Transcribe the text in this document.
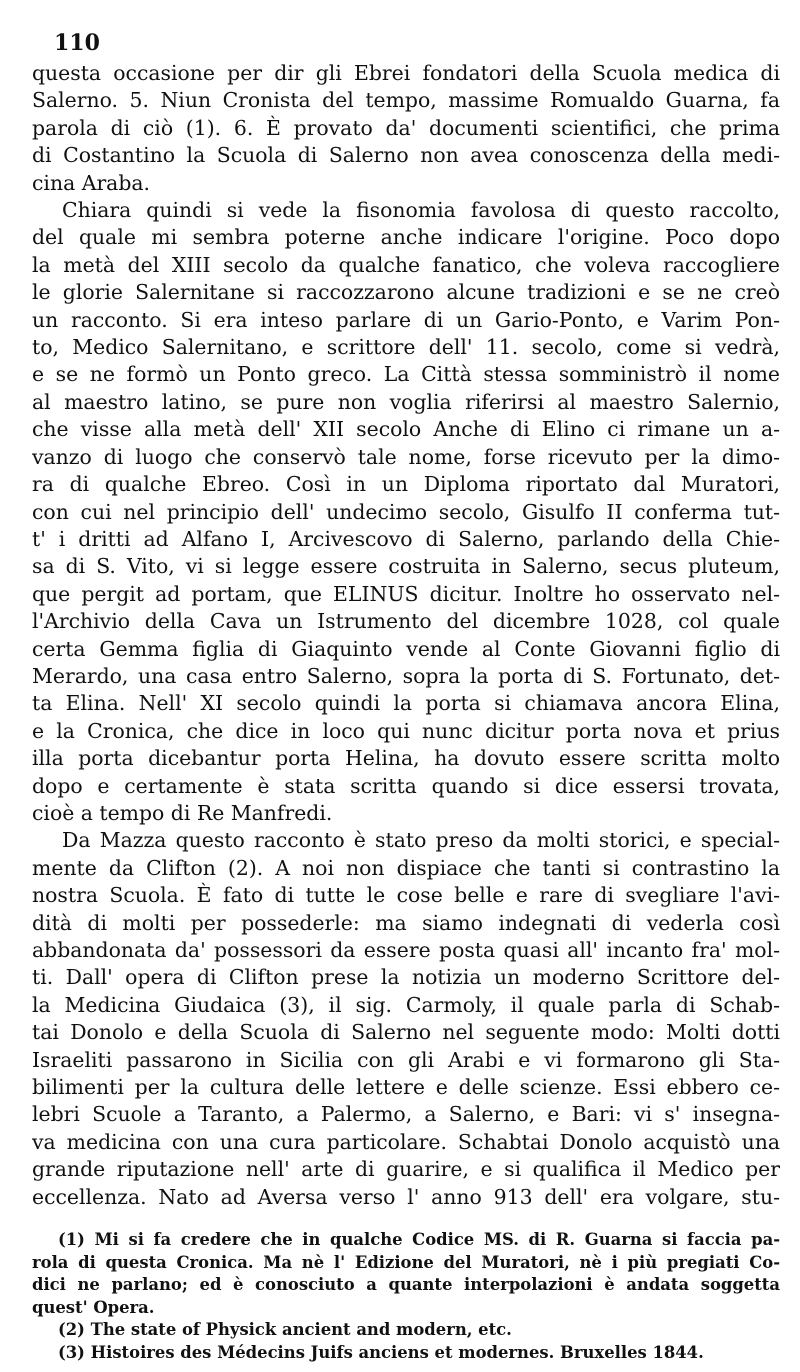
110
questa occasione per dir gli Ebrei fondatori della Scuola medica di
Salerno. 5. Niun Cronista del tempo, massime Romualdo Guarna, fa
parola di ciò (1). 6. È provato da' documenti scientifici, che prima
di Costantino la Scuola di Salerno non avea conoscenza della medi-
cina Araba.
Chiara quindi si vede la fisonomia favolosa di questo raccolto,
del quale mi sembra poterne anche indicare l'origine. Poco dopo
la metà del XIII secolo da qualche fanatico, che voleva raccogliere
le glorie Salernitane si raccozzarono alcune tradizioni e se ne creò
un racconto. Si era inteso parlare di un Gario-Ponto, e Varim Pon-
to, Medico Salernitano, e scrittore dell' 11. secolo, come si vedrà,
e se ne formò un Ponto greco. La Città stessa somministrò il nome
al maestro latino, se pure non voglia riferirsi al maestro Salernio,
che visse alla metà dell' XII secolo Anche di Elino ci rimane un a-
vanzo di luogo che conservò tale nome, forse ricevuto per la dimo-
ra di qualche Ebreo. Così in un Diploma riportato dal Muratori,
con cui nel principio dell' undecimo secolo, Gisulfo II conferma tut-
t' i dritti ad Alfano I, Arcivescovo di Salerno, parlando della Chie-
sa di S. Vito, vi si legge essere costruita in Salerno, secus pluteum,
que pergit ad portam, que ELINUS dicitur. Inoltre ho osservato nel-
l'Archivio della Cava un Istrumento del dicembre 1028, col quale
certa Gemma figlia di Giaquinto vende al Conte Giovanni figlio di
Merardo, una casa entro Salerno, sopra la porta di S. Fortunato, det-
ta Elina. Nell' XI secolo quindi la porta si chiamava ancora Elina,
e la Cronica, che dice in loco qui nunc dicitur porta nova et prius
illa porta dicebantur porta Helina, ha dovuto essere scritta molto
dopo e certamente è stata scritta quando si dice essersi trovata,
cioè a tempo di Re Manfredi.
Da Mazza questo racconto è stato preso da molti storici, e special-
mente da Clifton (2). A noi non dispiace che tanti si contrastino la
nostra Scuola. È fato di tutte le cose belle e rare di svegliare l'avi-
dità di molti per possederle: ma siamo indegnati di vederla così
abbandonata da' possessori da essere posta quasi all' incanto fra' mol-
ti. Dall' opera di Clifton prese la notizia un moderno Scrittore del-
la Medicina Giudaica (3), il sig. Carmoly, il quale parla di Schab-
tai Donolo e della Scuola di Salerno nel seguente modo: Molti dotti
Israeliti passarono in Sicilia con gli Arabi e vi formarono gli Sta-
bilimenti per la cultura delle lettere e delle scienze. Essi ebbero ce-
lebri Scuole a Taranto, a Palermo, a Salerno, e Bari: vi s' insegna-
va medicina con una cura particolare. Schabtai Donolo acquistò una
grande riputazione nell' arte di guarire, e si qualifica il Medico per
eccellenza. Nato ad Aversa verso l' anno 913 dell' era volgare, stu-
(1) Mi si fa credere che in qualche Codice MS. di R. Guarna si faccia pa-
rola di questa Cronica. Ma nè l' Edizione del Muratori, nè i più pregiati Co-
dici ne parlano; ed è conosciuto a quante interpolazioni è andata soggetta
quest' Opera.
(2) The state of Physick ancient and modern, etc.
(3) Histoires des Médecins Juifs anciens et modernes. Bruxelles 1844.
